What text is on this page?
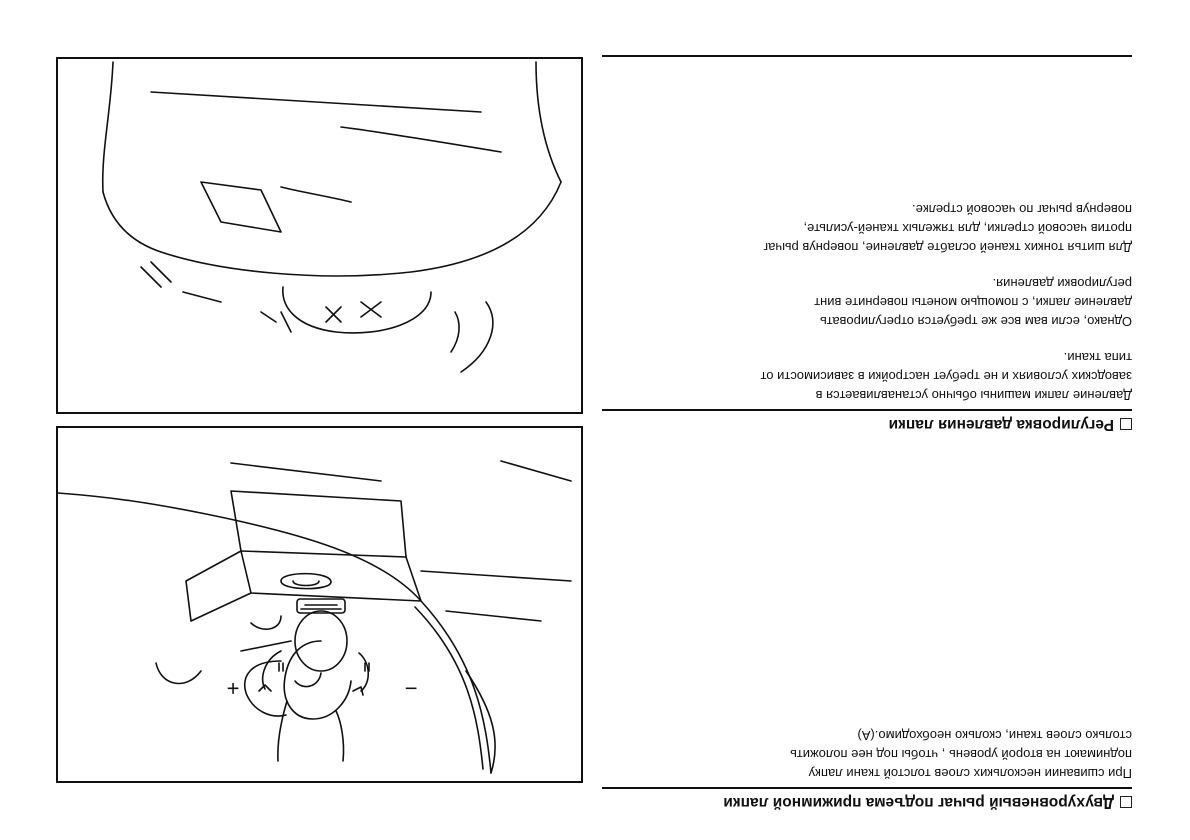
Двухуровневый рычаг подъема прижимной лапки

При сшивании нескольких слоев толстой ткани лапку поднимают на второй уровень , чтобы под нее положить столько слоев ткани, сколько необходимо.(А)

Регулировка давления лапки

Давление лапки машины обычно устанавливается в заводских условиях и не требует настройки в зависимости от типа ткани.

Однако, если вам все же требуется отрегулировать давление лапки, с помощью монеты поверните винт регулировки давления.

Для шитья тонких тканей ослабте давление, повернув рычаг против часовой стрелки, для тяжелых тканей-усильте, повернув рычаг по часовой стрелке.

−
+
